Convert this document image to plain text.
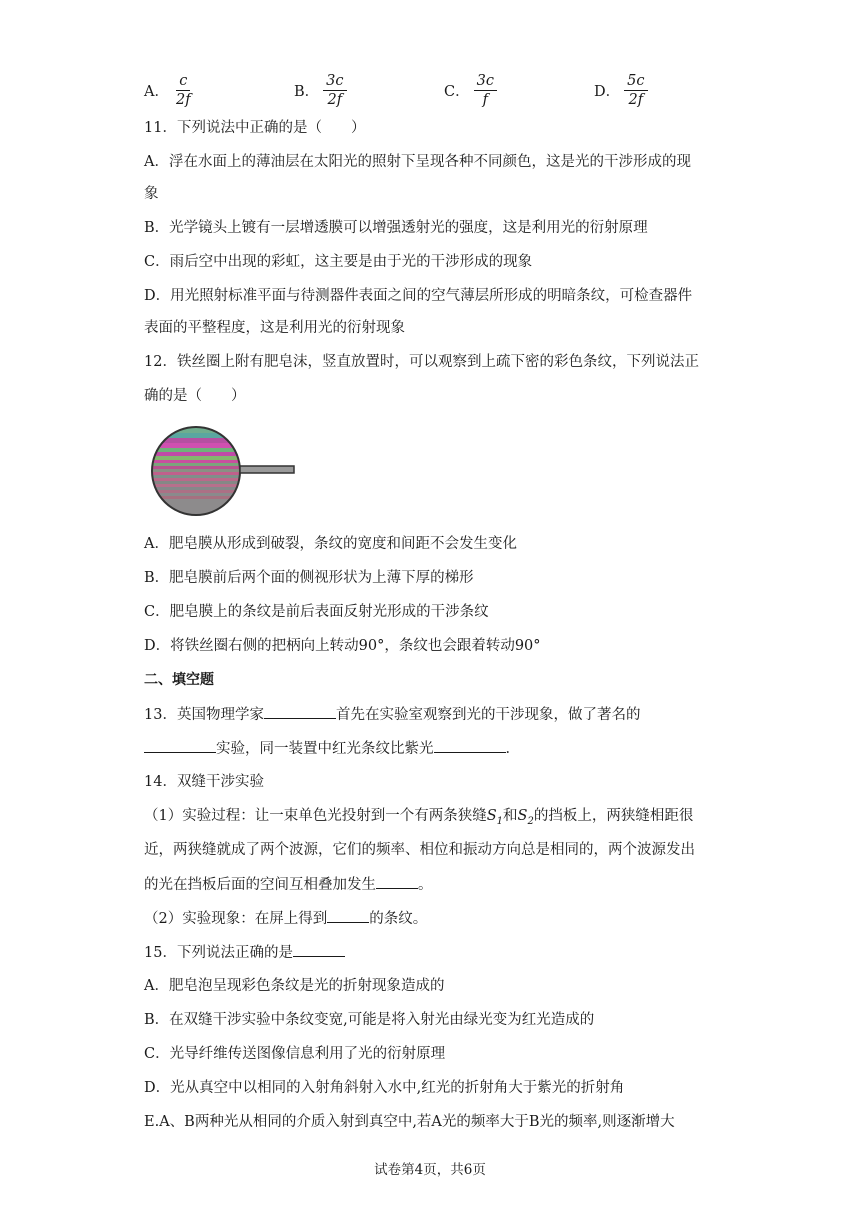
A． $\frac{c}{2f}$	B． $\frac{3c}{2f}$	C． $\frac{3c}{f}$	D． $\frac{5c}{2f}$

11．下列说法中正确的是（　　）

A．浮在水面上的薄油层在太阳光的照射下呈现各种不同颜色，这是光的干涉形成的现

象

B．光学镜头上镀有一层增透膜可以增强透射光的强度，这是利用光的衍射原理

C．雨后空中出现的彩虹，这主要是由于光的干涉形成的现象

D．用光照射标准平面与待测器件表面之间的空气薄层所形成的明暗条纹，可检查器件

表面的平整程度，这是利用光的衍射现象

12．铁丝圈上附有肥皂沫，竖直放置时，可以观察到上疏下密的彩色条纹，下列说法正

确的是（　　）

A．肥皂膜从形成到破裂，条纹的宽度和间距不会发生变化

B．肥皂膜前后两个面的侧视形状为上薄下厚的梯形

C．肥皂膜上的条纹是前后表面反射光形成的干涉条纹

D．将铁丝圈右侧的把柄向上转动90°，条纹也会跟着转动90°

二、填空题

13．英国物理学家	首先在实验室观察到光的干涉现象，做了著名的

实验，同一装置中红光条纹比紫光	．

14．双缝干涉实验

（1）实验过程：让一束单色光投射到一个有两条狭缝$S_1$和$S_2$的挡板上，两狭缝相距很

近，两狭缝就成了两个波源，它们的频率、相位和振动方向总是相同的，两个波源发出

的光在挡板后面的空间互相叠加发生	。

（2）实验现象：在屏上得到	的条纹。

15．下列说法正确的是

A．肥皂泡呈现彩色条纹是光的折射现象造成的

B．在双缝干涉实验中条纹变宽,可能是将入射光由绿光变为红光造成的

C．光导纤维传送图像信息利用了光的衍射原理

D．光从真空中以相同的入射角斜射入水中,红光的折射角大于紫光的折射角

E.A、B两种光从相同的介质入射到真空中,若A光的频率大于B光的频率,则逐渐增大

试卷第4页，共6页
